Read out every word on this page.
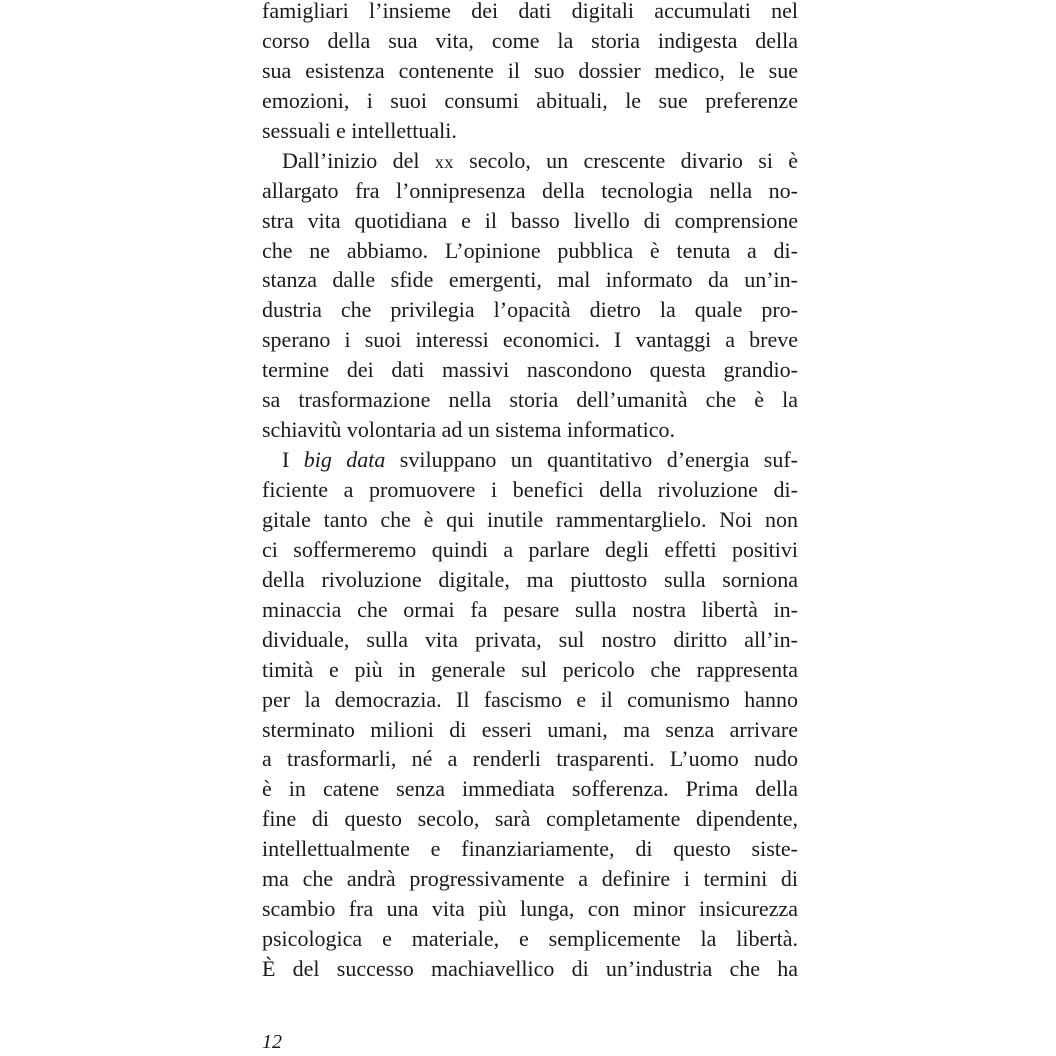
famigliari l’insieme dei dati digitali accumulati nel
corso della sua vita, come la storia indigesta della
sua esistenza contenente il suo dossier medico, le sue
emozioni, i suoi consumi abituali, le sue preferenze
sessuali e intellettuali.
Dall’inizio del xx secolo, un crescente divario si è
allargato fra l’onnipresenza della tecnologia nella no-
stra vita quotidiana e il basso livello di comprensione
che ne abbiamo. L’opinione pubblica è tenuta a di-
stanza dalle sfide emergenti, mal informato da un’in-
dustria che privilegia l’opacità dietro la quale pro-
sperano i suoi interessi economici. I vantaggi a breve
termine dei dati massivi nascondono questa grandio-
sa trasformazione nella storia dell’umanità che è la
schiavitù volontaria ad un sistema informatico.
I big data sviluppano un quantitativo d’energia suf-
ficiente a promuovere i benefici della rivoluzione di-
gitale tanto che è qui inutile rammentarglielo. Noi non
ci soffermeremo quindi a parlare degli effetti positivi
della rivoluzione digitale, ma piuttosto sulla sorniona
minaccia che ormai fa pesare sulla nostra libertà in-
dividuale, sulla vita privata, sul nostro diritto all’in-
timità e più in generale sul pericolo che rappresenta
per la democrazia. Il fascismo e il comunismo hanno
sterminato milioni di esseri umani, ma senza arrivare
a trasformarli, né a renderli trasparenti. L’uomo nudo
è in catene senza immediata sofferenza. Prima della
fine di questo secolo, sarà completamente dipendente,
intellettualmente e finanziariamente, di questo siste-
ma che andrà progressivamente a definire i termini di
scambio fra una vita più lunga, con minor insicurezza
psicologica e materiale, e semplicemente la libertà.
È del successo machiavellico di un’industria che ha
12
